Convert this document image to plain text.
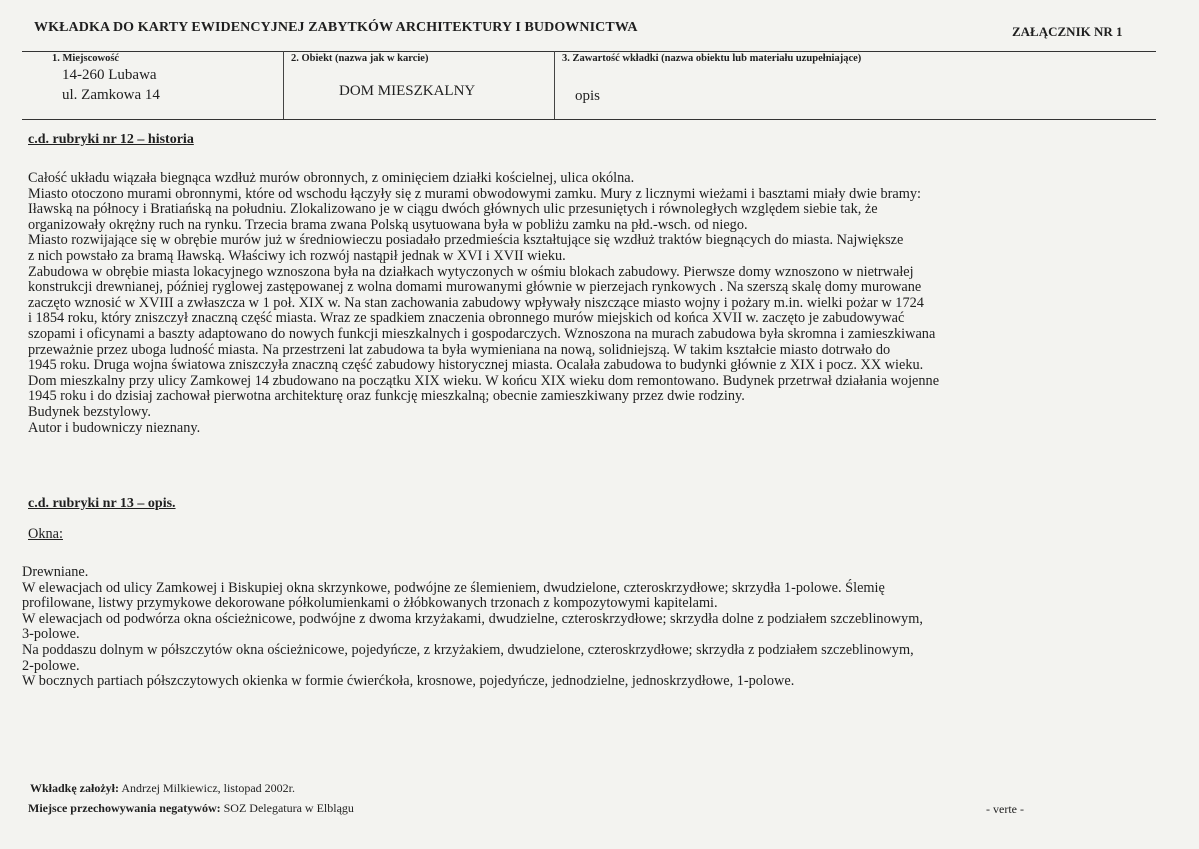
WKŁADKA DO KARTY EWIDENCYJNEJ ZABYTKÓW ARCHITEKTURY I BUDOWNICTWA	ZAŁĄCZNIK NR 1
1. Miejscowość
14-260 Lubawa
ul. Zamkowa 14
2. Obiekt (nazwa jak w karcie)
DOM MIESZKALNY
3. Zawartość wkładki (nazwa obiektu lub materiału uzupełniające)
opis
c.d. rubryki nr 12 – historia
Całość układu wiązała biegnąca wzdłuż murów obronnych, z ominięciem działki kościelnej, ulica okólna.
Miasto otoczono murami obronnymi, które od wschodu łączyły się z murami obwodowymi zamku. Mury z licznymi wieżami i basztami miały dwie bramy:
Iławską na północy i Bratiańską na południu. Zlokalizowano je w ciągu dwóch głównych ulic przesuniętych i równoległych względem siebie tak, że
organizowały okrężny ruch na rynku. Trzecia brama zwana Polską usytuowana była w pobliżu zamku na płd.-wsch. od niego.
Miasto rozwijające się w obrębie murów już w średniowieczu posiadało przedmieścia kształtujące się wzdłuż traktów biegnących do miasta. Największe
z nich powstało za bramą Iławską. Właściwy ich rozwój nastąpił jednak w XVI i XVII wieku.
Zabudowa w obrębie miasta lokacyjnego wznoszona była na działkach wytyczonych w ośmiu blokach zabudowy. Pierwsze domy wznoszono w nietrwałej
konstrukcji drewnianej, później ryglowej zastępowanej z wolna domami murowanymi głównie w pierzejach rynkowych . Na szerszą skalę domy murowane
zaczęto wznosić w XVIII a zwłaszcza w 1 poł. XIX w. Na stan zachowania zabudowy wpływały niszczące miasto wojny i pożary m.in. wielki pożar w 1724
i 1854 roku, który zniszczył znaczną część miasta. Wraz ze spadkiem znaczenia obronnego murów miejskich od końca XVII w. zaczęto je zabudowywać
szopami i oficynami a baszty adaptowano do nowych funkcji mieszkalnych i gospodarczych. Wznoszona na murach zabudowa była skromna i zamieszkiwana
przeważnie przez uboga ludność miasta. Na przestrzeni lat zabudowa ta była wymieniana na nową, solidniejszą. W takim kształcie miasto dotrwało do
1945 roku. Druga wojna światowa zniszczyła znaczną część zabudowy historycznej miasta. Ocalała zabudowa to budynki głównie z XIX i pocz. XX wieku.
Dom mieszkalny przy ulicy Zamkowej 14 zbudowano na początku XIX wieku. W końcu XIX wieku dom remontowano. Budynek przetrwał działania wojenne
1945 roku i do dzisiaj zachował pierwotna architekturę oraz funkcję mieszkalną; obecnie zamieszkiwany przez dwie rodziny.
Budynek bezstylowy.
Autor i budowniczy nieznany.
c.d. rubryki nr 13 – opis.
Okna:
Drewniane.
W elewacjach od ulicy Zamkowej i Biskupiej okna skrzynkowe, podwójne ze ślemieniem, dwudzielone, czteroskrzydłowe; skrzydła 1-polowe. Ślemię
profilowane, listwy przymykowe dekorowane półkolumienkami o żłóbkowanych trzonach z kompozytowymi kapitelami.
W elewacjach od podwórza okna ościeżnicowe, podwójne z dwoma krzyżakami, dwudzielne, czteroskrzydłowe; skrzydła dolne z podziałem szczeblinowym,
3-polowe.
Na poddaszu dolnym w półszczytów okna ościeżnicowe, pojedyńcze, z krzyżakiem, dwudzielone, czteroskrzydłowe; skrzydła z podziałem szczeblinowym,
2-polowe.
W bocznych partiach półszczytowych okienka w formie ćwierćkoła, krosnowe, pojedyńcze, jednodzielne, jednoskrzydłowe, 1-polowe.
Wkładkę założył: Andrzej Milkiewicz, listopad 2002r.
Miejsce przechowywania negatywów: SOZ Delegatura w Elblągu	- verte -
